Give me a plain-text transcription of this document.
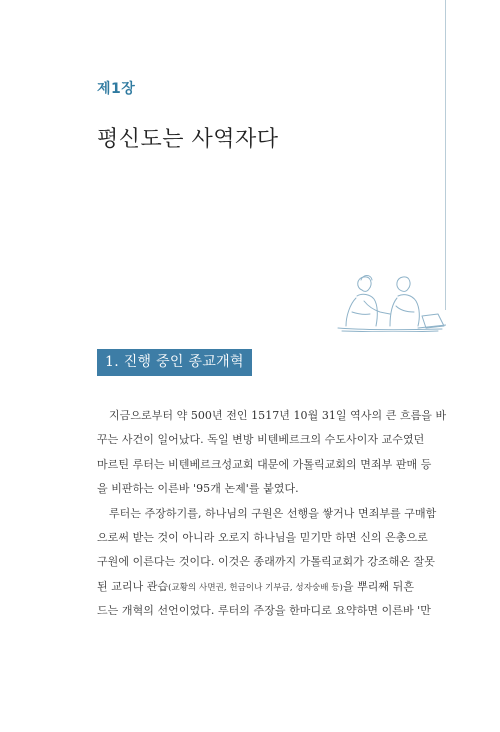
제1장
평신도는 사역자다
1. 진행 중인 종교개혁
지금으로부터 약 500년 전인 1517년 10월 31일 역사의 큰 흐름을 바
꾸는 사건이 일어났다. 독일 변방 비텐베르크의 수도사이자 교수였던
마르틴 루터는 비텐베르크성교회 대문에 가톨릭교회의 면죄부 판매 등
을 비판하는 이른바 '95개 논제'를 붙였다.
루터는 주장하기를, 하나님의 구원은 선행을 쌓거나 면죄부를 구매함
으로써 받는 것이 아니라 오로지 하나님을 믿기만 하면 신의 은총으로
구원에 이른다는 것이다. 이것은 종래까지 가톨릭교회가 강조해온 잘못
된 교리나 관습(교황의 사면권, 헌금이나 기부금, 성자숭배 등)을 뿌리째 뒤흔
드는 개혁의 선언이었다. 루터의 주장을 한마디로 요약하면 이른바 '만
